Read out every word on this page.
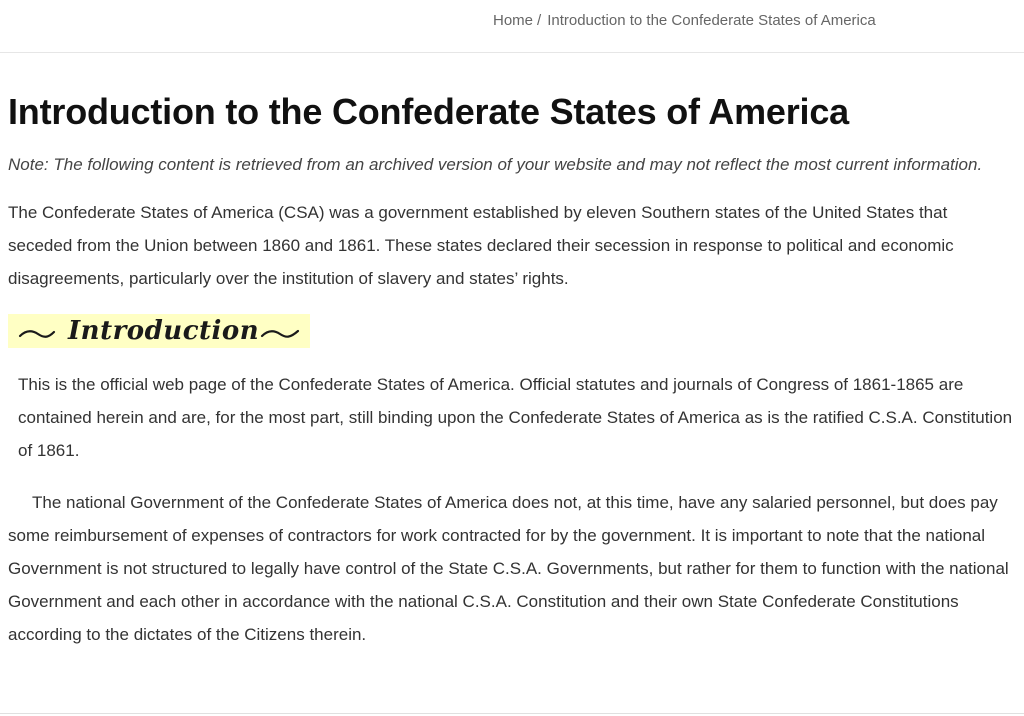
Home / Introduction to the Confederate States of America
Introduction to the Confederate States of America

Note: The following content is retrieved from an archived version of your website and may not reflect the most current information.

The Confederate States of America (CSA) was a government established by eleven Southern states of the United States that seceded from the Union between 1860 and 1861. These states declared their secession in response to political and economic disagreements, particularly over the institution of slavery and states’ rights.

Introduction

This is the official web page of the Confederate States of America. Official statutes and journals of Congress of 1861-1865 are contained herein and are, for the most part, still binding upon the Confederate States of America as is the ratified C.S.A. Constitution of 1861.

The national Government of the Confederate States of America does not, at this time, have any salaried personnel, but does pay some reimbursement of expenses of contractors for work contracted for by the government. It is important to note that the national Government is not structured to legally have control of the State C.S.A. Governments, but rather for them to function with the national Government and each other in accordance with the national C.S.A. Constitution and their own State Confederate Constitutions according to the dictates of the Citizens therein.
